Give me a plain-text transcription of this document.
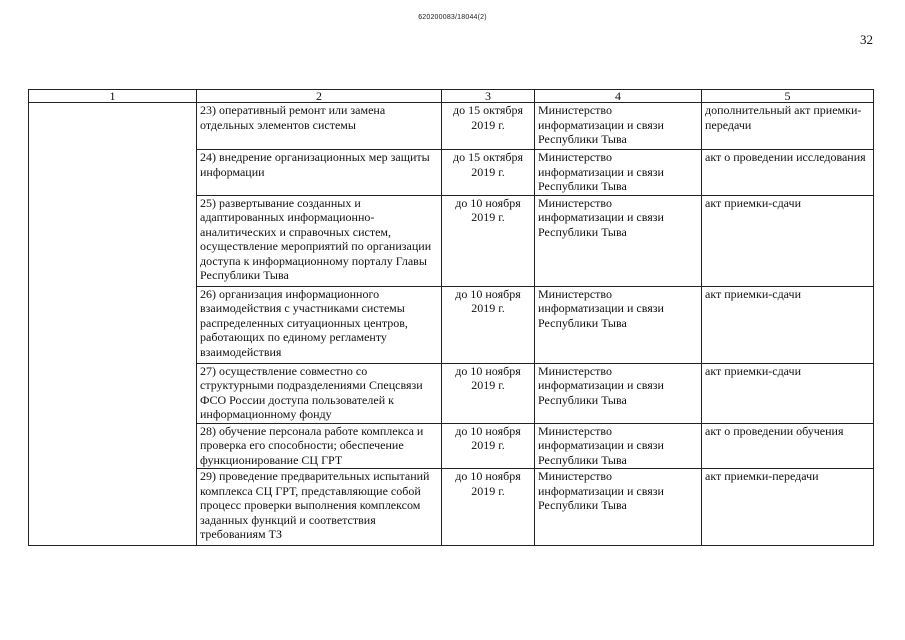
620200083/18044(2)
32
1	2	3	4	5
	23) оперативный ремонт или замена отдельных элементов системы	до 15 октября 2019 г.	Министерство информатизации и связи Республики Тыва	дополнительный акт приемки-передачи
	24) внедрение организационных мер защиты информации	до 15 октября 2019 г.	Министерство информатизации и связи Республики Тыва	акт о проведении исследования
	25) развертывание созданных и адаптированных информационно-аналитических и справочных систем, осуществление мероприятий по организации доступа к информационному порталу Главы Республики Тыва	до 10 ноября 2019 г.	Министерство информатизации и связи Республики Тыва	акт приемки-сдачи
	26) организация информационного взаимодействия с участниками системы распределенных ситуационных центров, работающих по единому регламенту взаимодействия	до 10 ноября 2019 г.	Министерство информатизации и связи Республики Тыва	акт приемки-сдачи
	27) осуществление совместно со структурными подразделениями Спецсвязи ФСО России доступа пользователей к информационному фонду	до 10 ноября 2019 г.	Министерство информатизации и связи Республики Тыва	акт приемки-сдачи
	28) обучение персонала работе комплекса и проверка его способности; обеспечение функционирование СЦ ГРТ	до 10 ноября 2019 г.	Министерство информатизации и связи Республики Тыва	акт о проведении обучения
	29) проведение предварительных испытаний комплекса СЦ ГРТ, представляющие собой процесс проверки выполнения комплексом заданных функций и соответствия требованиям ТЗ	до 10 ноября 2019 г.	Министерство информатизации и связи Республики Тыва	акт приемки-передачи
